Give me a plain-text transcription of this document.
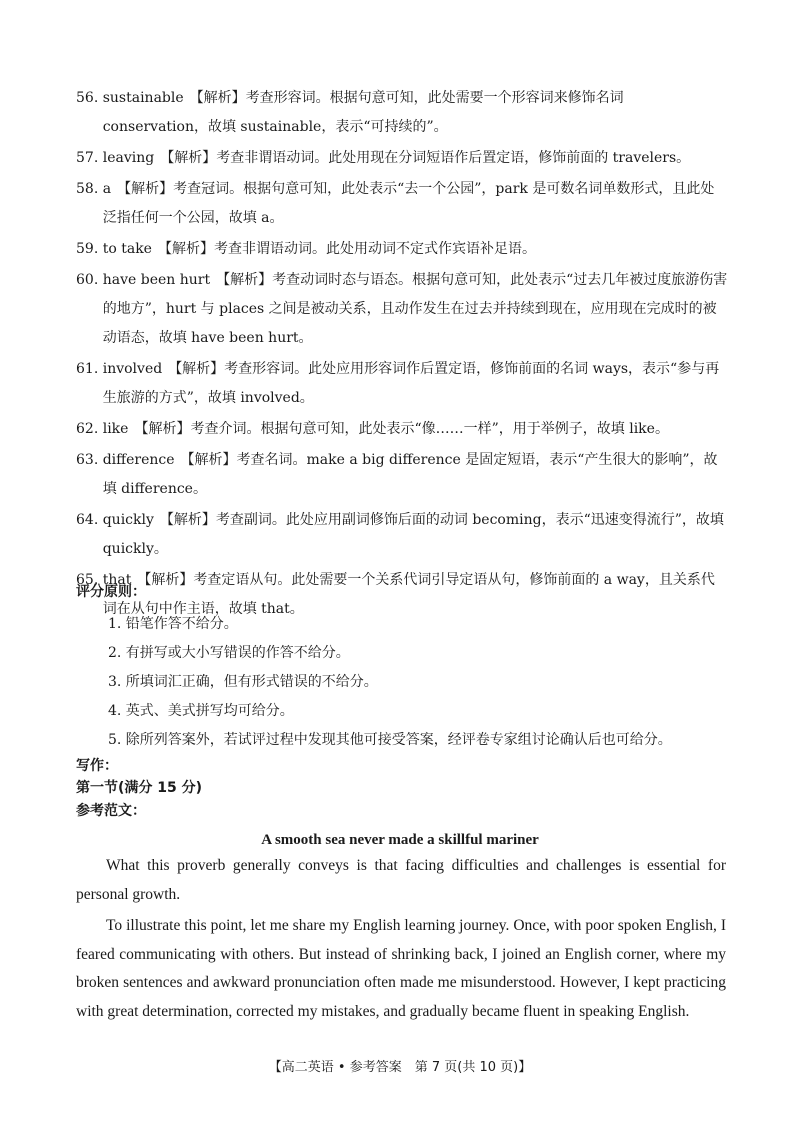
56. sustainable 【解析】考查形容词。根据句意可知，此处需要一个形容词来修饰名词conservation，故填 sustainable，表示“可持续的”。
57. leaving 【解析】考查非谓语动词。此处用现在分词短语作后置定语，修饰前面的 travelers。
58. a 【解析】考查冠词。根据句意可知，此处表示“去一个公园”，park 是可数名词单数形式，且此处泛指任何一个公园，故填 a。
59. to take 【解析】考查非谓语动词。此处用动词不定式作宾语补足语。
60. have been hurt 【解析】考查动词时态与语态。根据句意可知，此处表示“过去几年被过度旅游伤害的地方”，hurt 与 places 之间是被动关系，且动作发生在过去并持续到现在，应用现在完成时的被动语态，故填 have been hurt。
61. involved 【解析】考查形容词。此处应用形容词作后置定语，修饰前面的名词 ways，表示“参与再生旅游的方式”，故填 involved。
62. like 【解析】考查介词。根据句意可知，此处表示“像……一样”，用于举例子，故填 like。
63. difference 【解析】考查名词。make a big difference 是固定短语，表示“产生很大的影响”，故填 difference。
64. quickly 【解析】考查副词。此处应用副词修饰后面的动词 becoming，表示“迅速变得流行”，故填 quickly。
65. that 【解析】考查定语从句。此处需要一个关系代词引导定语从句，修饰前面的 a way，且关系代词在从句中作主语，故填 that。
评分原则：
1. 铅笔作答不给分。
2. 有拼写或大小写错误的作答不给分。
3. 所填词汇正确，但有形式错误的不给分。
4. 英式、美式拼写均可给分。
5. 除所列答案外，若试评过程中发现其他可接受答案，经评卷专家组讨论确认后也可给分。
写作：
第一节(满分 15 分)
参考范文：
A smooth sea never made a skillful mariner

What this proverb generally conveys is that facing difficulties and challenges is essential for personal growth.

To illustrate this point, let me share my English learning journey. Once, with poor spoken English, I feared communicating with others. But instead of shrinking back, I joined an English corner, where my broken sentences and awkward pronunciation often made me misunderstood. However, I kept practicing with great determination, corrected my mistakes, and gradually became fluent in speaking English.

【高二英语 • 参考答案　第 7 页(共 10 页)】
